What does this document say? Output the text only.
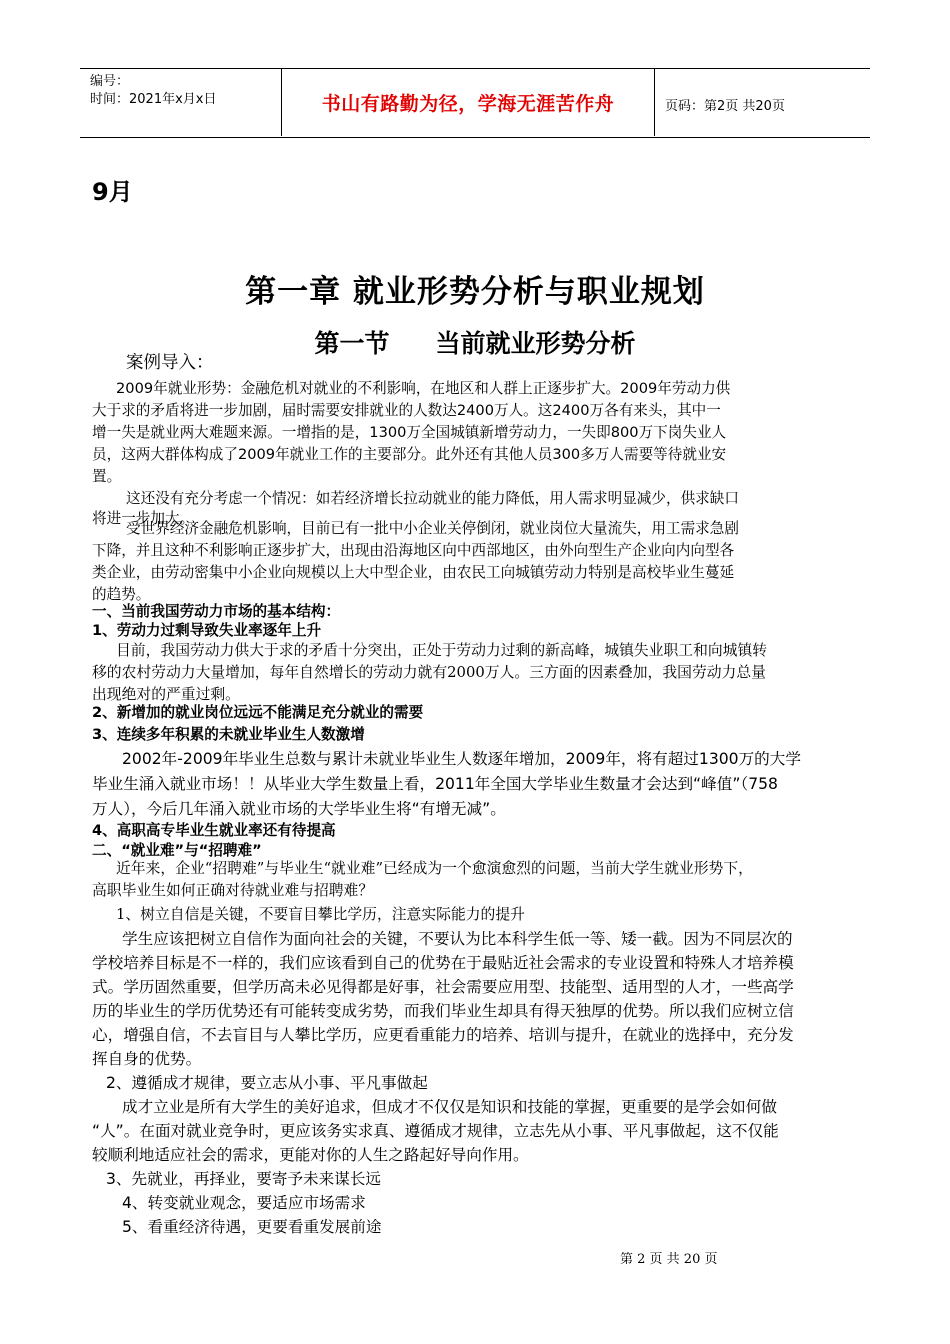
编号：
时间：2021年x月x日	书山有路勤为径，学海无涯苦作舟	页码：第2页 共20页
9月
第一章 就业形势分析与职业规划
第一节 当前就业形势分析
案例导入：
2009年就业形势：金融危机对就业的不利影响，在地区和人群上正逐步扩大。2009年劳动力供
大于求的矛盾将进一步加剧，届时需要安排就业的人数达2400万人。这2400万各有来头，其中一
增一失是就业两大难题来源。一增指的是，1300万全国城镇新增劳动力，一失即800万下岗失业人
员，这两大群体构成了2009年就业工作的主要部分。此外还有其他人员300多万人需要等待就业安
置。
这还没有充分考虑一个情况：如若经济增长拉动就业的能力降低，用人需求明显减少，供求缺口
将进一步加大。
受世界经济金融危机影响，目前已有一批中小企业关停倒闭，就业岗位大量流失，用工需求急剧
下降，并且这种不利影响正逐步扩大，出现由沿海地区向中西部地区，由外向型生产企业向内向型各
类企业，由劳动密集中小企业向规模以上大中型企业，由农民工向城镇劳动力特别是高校毕业生蔓延
的趋势。
一、当前我国劳动力市场的基本结构：
1、劳动力过剩导致失业率逐年上升
目前，我国劳动力供大于求的矛盾十分突出，正处于劳动力过剩的新高峰，城镇失业职工和向城镇转
移的农村劳动力大量增加，每年自然增长的劳动力就有2000万人。三方面的因素叠加，我国劳动力总量
出现绝对的严重过剩。
2、新增加的就业岗位远远不能满足充分就业的需要
3、连续多年积累的未就业毕业生人数激增
2002年-2009年毕业生总数与累计未就业毕业生人数逐年增加，2009年，将有超过1300万的大学
毕业生涌入就业市场！！从毕业大学生数量上看，2011年全国大学毕业生数量才会达到“峰值”（758
万人），今后几年涌入就业市场的大学毕业生将“有增无减”。
4、高职高专毕业生就业率还有待提高
二、“就业难”与“招聘难”
近年来，企业“招聘难”与毕业生“就业难”已经成为一个愈演愈烈的问题，当前大学生就业形势下，
高职毕业生如何正确对待就业难与招聘难？
1、树立自信是关键，不要盲目攀比学历，注意实际能力的提升
学生应该把树立自信作为面向社会的关键，不要认为比本科学生低一等、矮一截。因为不同层次的
学校培养目标是不一样的，我们应该看到自己的优势在于最贴近社会需求的专业设置和特殊人才培养模
式。学历固然重要，但学历高未必见得都是好事，社会需要应用型、技能型、适用型的人才，一些高学
历的毕业生的学历优势还有可能转变成劣势，而我们毕业生却具有得天独厚的优势。所以我们应树立信
心，增强自信，不去盲目与人攀比学历，应更看重能力的培养、培训与提升，在就业的选择中，充分发
挥自身的优势。
2、遵循成才规律，要立志从小事、平凡事做起
成才立业是所有大学生的美好追求，但成才不仅仅是知识和技能的掌握，更重要的是学会如何做
“人”。在面对就业竞争时，更应该务实求真、遵循成才规律，立志先从小事、平凡事做起，这不仅能
较顺利地适应社会的需求，更能对你的人生之路起好导向作用。
3、先就业，再择业，要寄予未来谋长远
4、转变就业观念，要适应市场需求
5、看重经济待遇，更要看重发展前途
第 2 页 共 20 页
